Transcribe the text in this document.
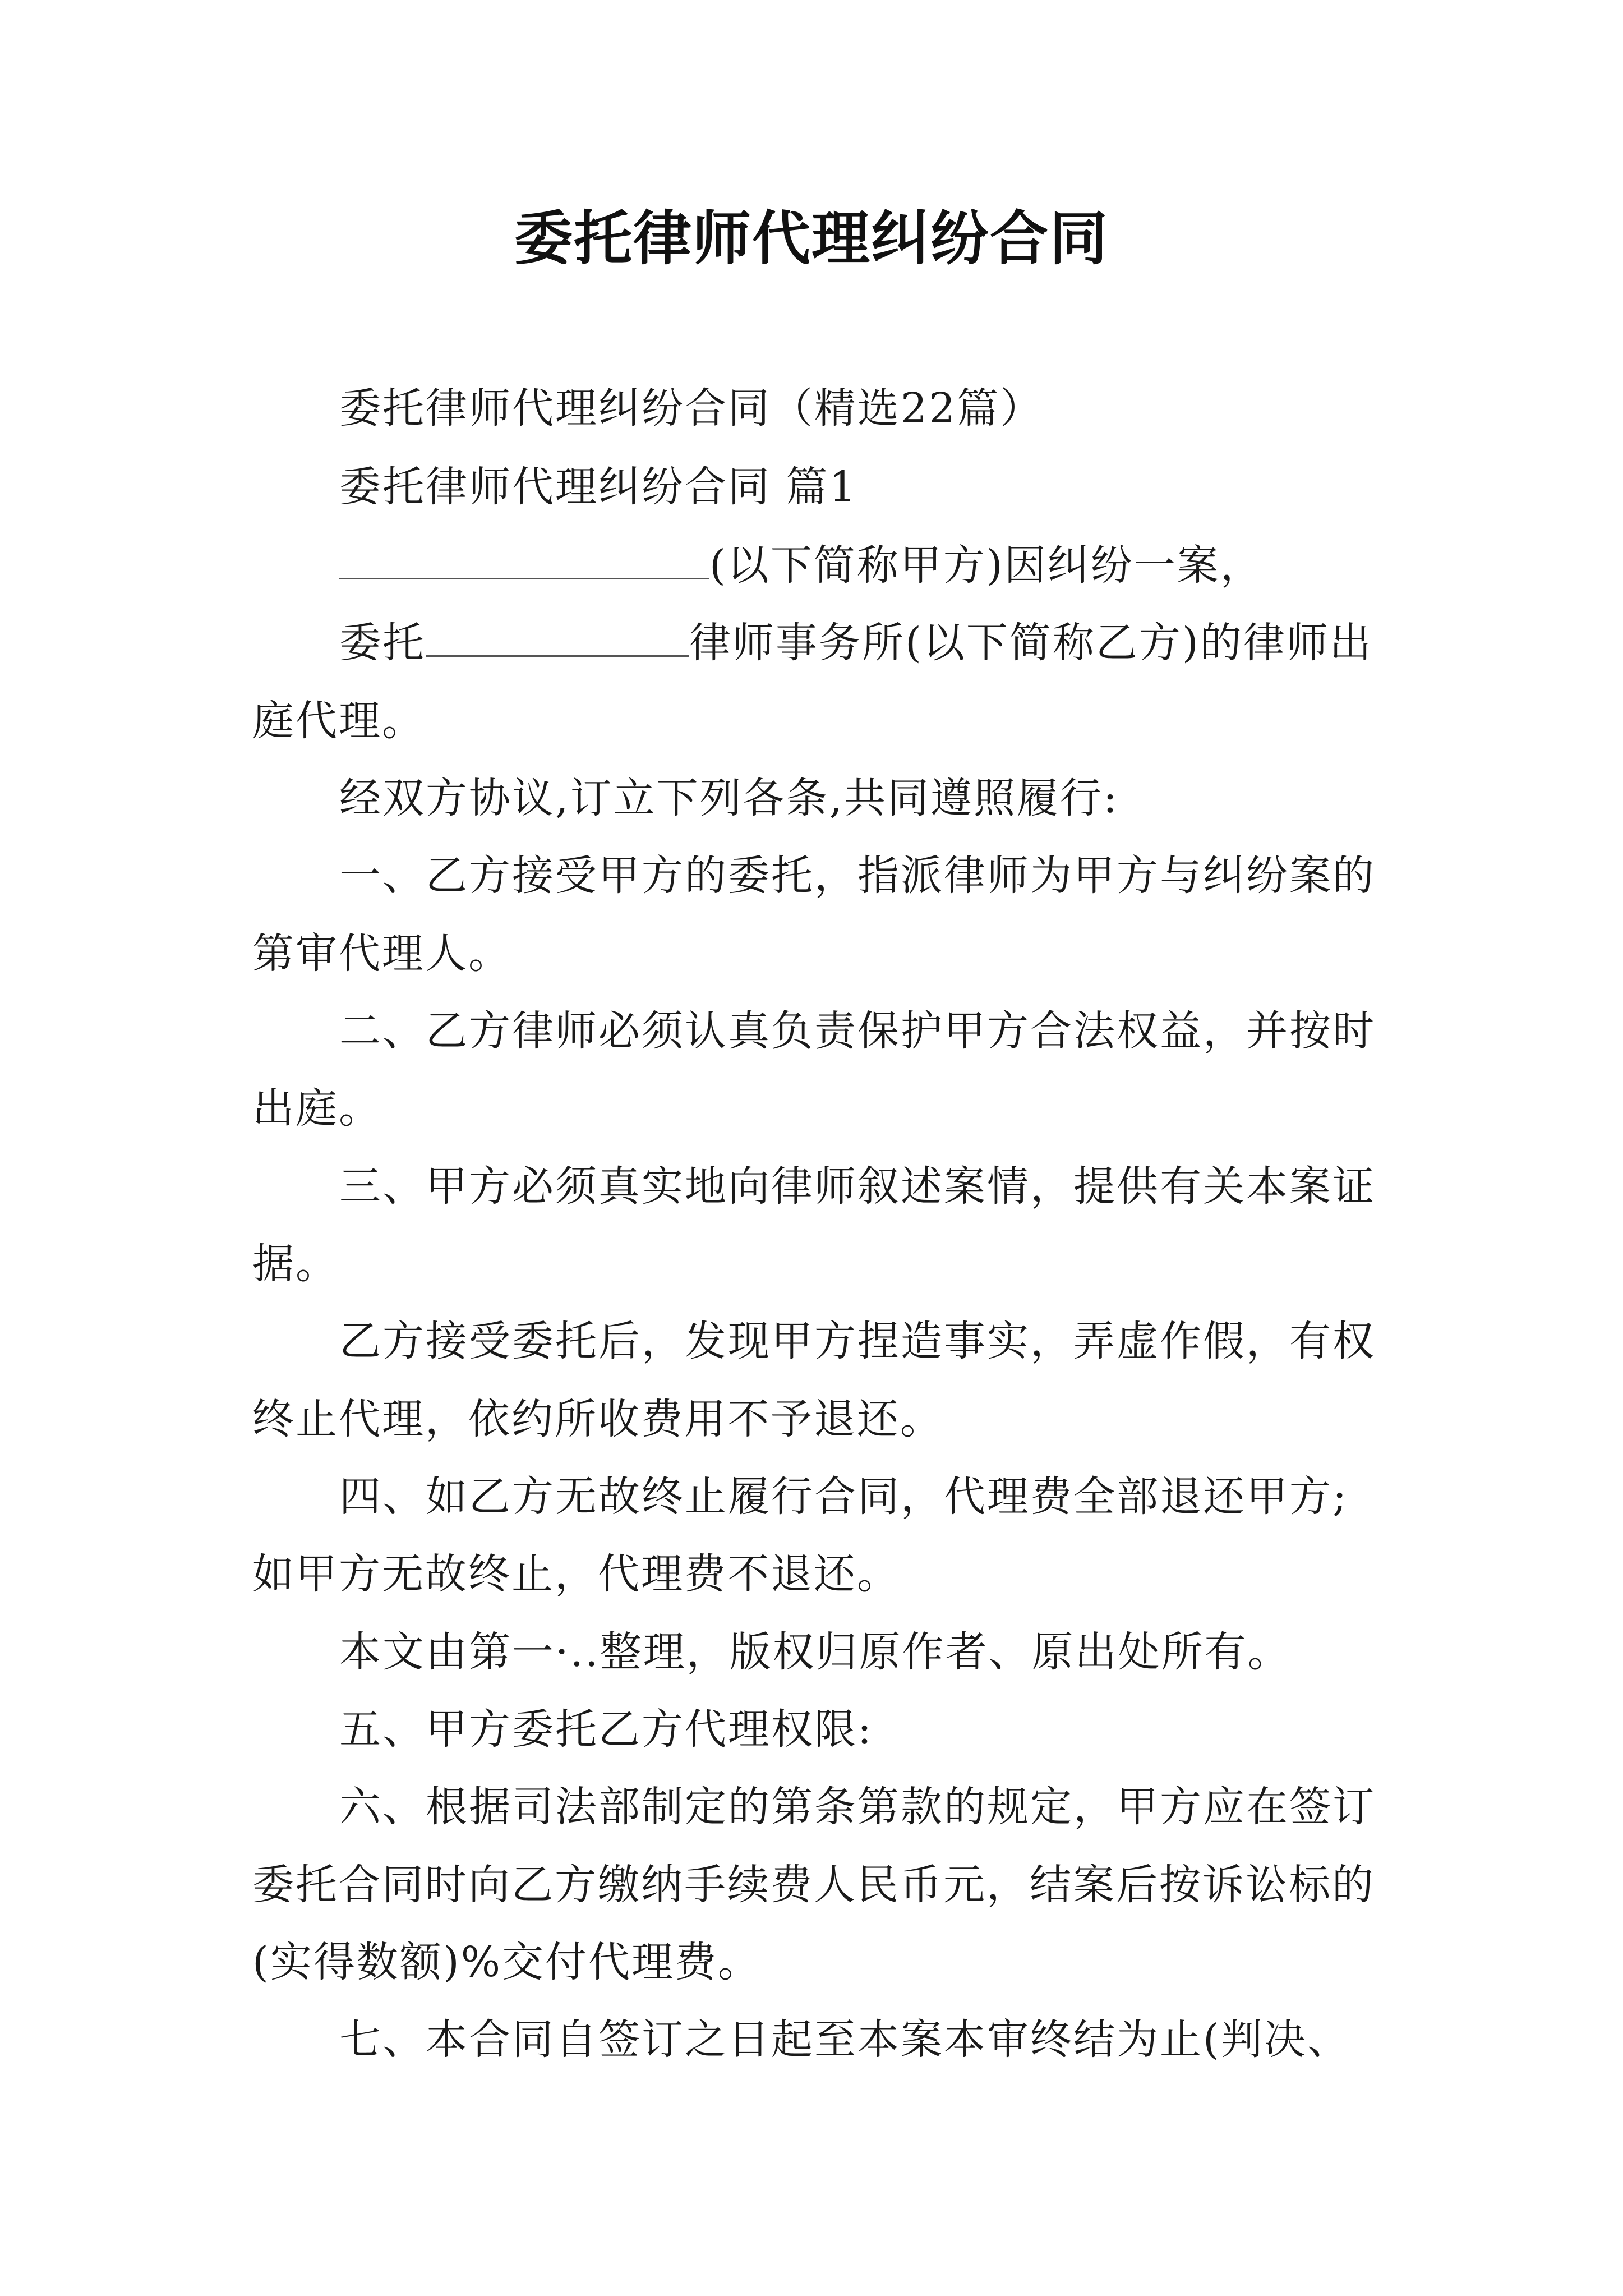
委托律师代理纠纷合同
委托律师代理纠纷合同（精选22篇）
委托律师代理纠纷合同 篇1
(以下简称甲方)因纠纷一案，
委托	律师事务所(以下简称乙方)的律师出
庭代理。
经双方协议,订立下列各条,共同遵照履行:
一、乙方接受甲方的委托，指派律师为甲方与纠纷案的
第审代理人。
二、乙方律师必须认真负责保护甲方合法权益，并按时
出庭。
三、甲方必须真实地向律师叙述案情，提供有关本案证
据。
乙方接受委托后，发现甲方捏造事实，弄虚作假，有权
终止代理，依约所收费用不予退还。
四、如乙方无故终止履行合同，代理费全部退还甲方;
如甲方无故终止，代理费不退还。
本文由第一·..整理，版权归原作者、原出处所有。
五、甲方委托乙方代理权限:
六、根据司法部制定的第条第款的规定，甲方应在签订
委托合同时向乙方缴纳手续费人民币元，结案后按诉讼标的
(实得数额)%交付代理费。
七、本合同自签订之日起至本案本审终结为止(判决、
